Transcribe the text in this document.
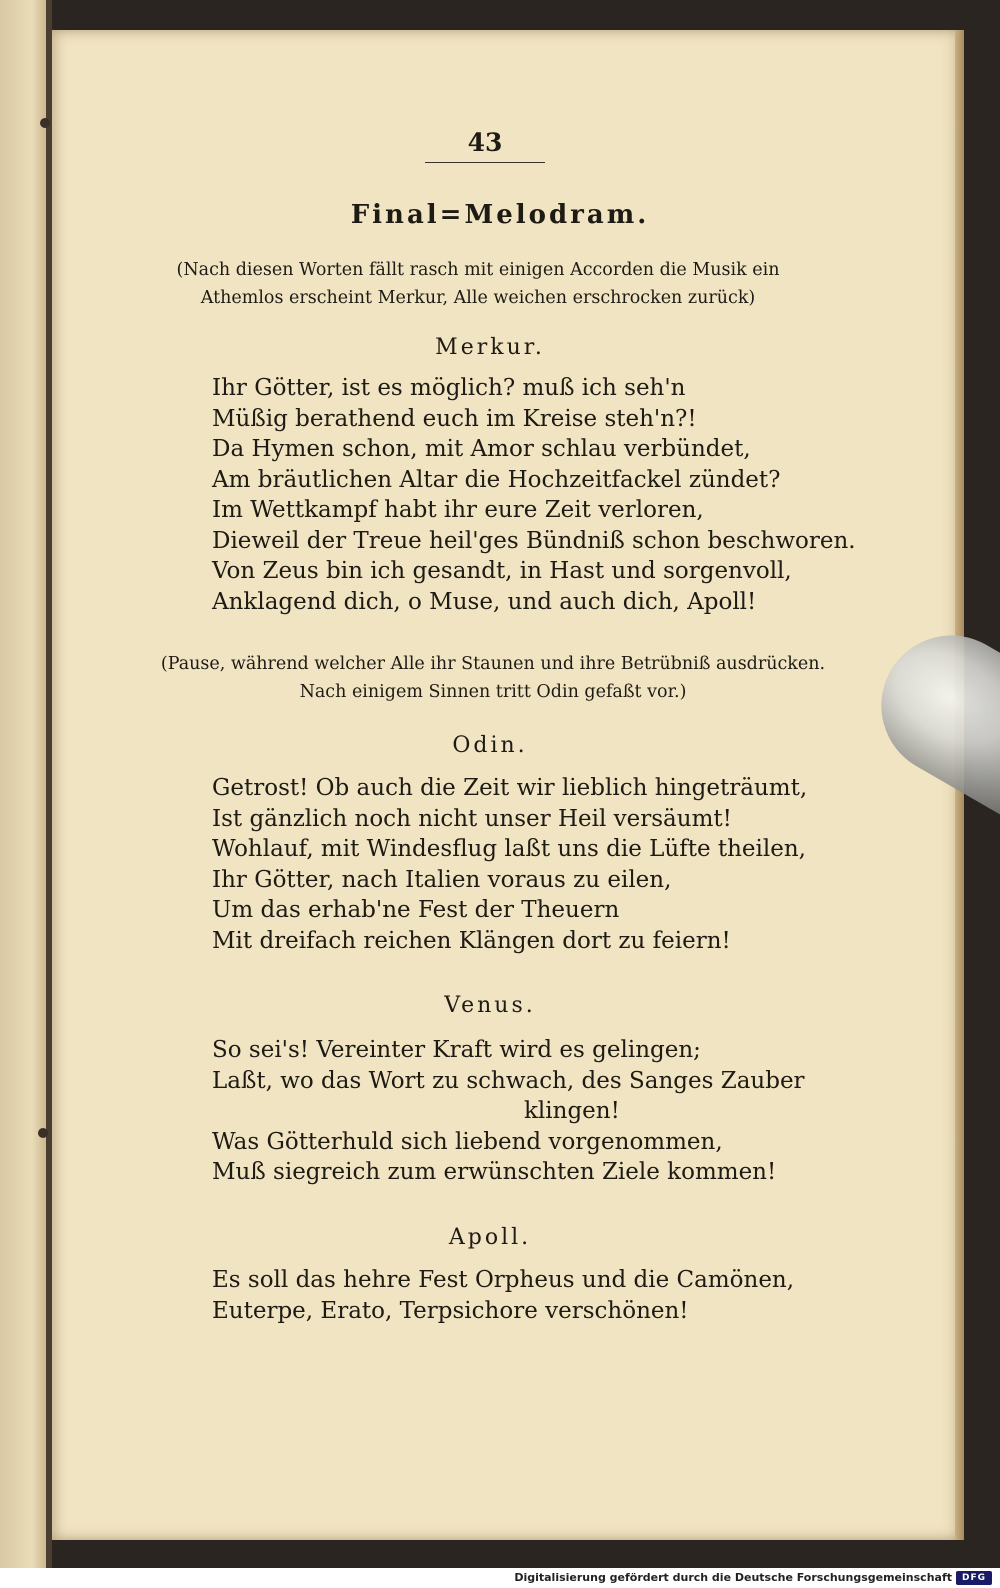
43
Final=Melodram.
(Nach diesen Worten fällt rasch mit einigen Accorden die Musik ein
Athemlos erscheint Merkur, Alle weichen erschrocken zurück)
Merkur.
Ihr Götter, ist es möglich? muß ich seh'n
Müßig berathend euch im Kreise steh'n?!
Da Hymen schon, mit Amor schlau verbündet,
Am bräutlichen Altar die Hochzeitfackel zündet?
Im Wettkampf habt ihr eure Zeit verloren,
Dieweil der Treue heil'ges Bündniß schon beschworen.
Von Zeus bin ich gesandt, in Hast und sorgenvoll,
Anklagend dich, o Muse, und auch dich, Apoll!
(Pause, während welcher Alle ihr Staunen und ihre Betrübniß ausdrücken.
Nach einigem Sinnen tritt Odin gefaßt vor.)
Odin.
Getrost! Ob auch die Zeit wir lieblich hingeträumt,
Ist gänzlich noch nicht unser Heil versäumt!
Wohlauf, mit Windesflug laßt uns die Lüfte theilen,
Ihr Götter, nach Italien voraus zu eilen,
Um das erhab'ne Fest der Theuern
Mit dreifach reichen Klängen dort zu feiern!
Venus.
So sei's! Vereinter Kraft wird es gelingen;
Laßt, wo das Wort zu schwach, des Sanges Zauber
klingen!
Was Götterhuld sich liebend vorgenommen,
Muß siegreich zum erwünschten Ziele kommen!
Apoll.
Es soll das hehre Fest Orpheus und die Camönen,
Euterpe, Erato, Terpsichore verschönen!
Digitalisierung gefördert durch die Deutsche Forschungsgemeinschaft	DFG
